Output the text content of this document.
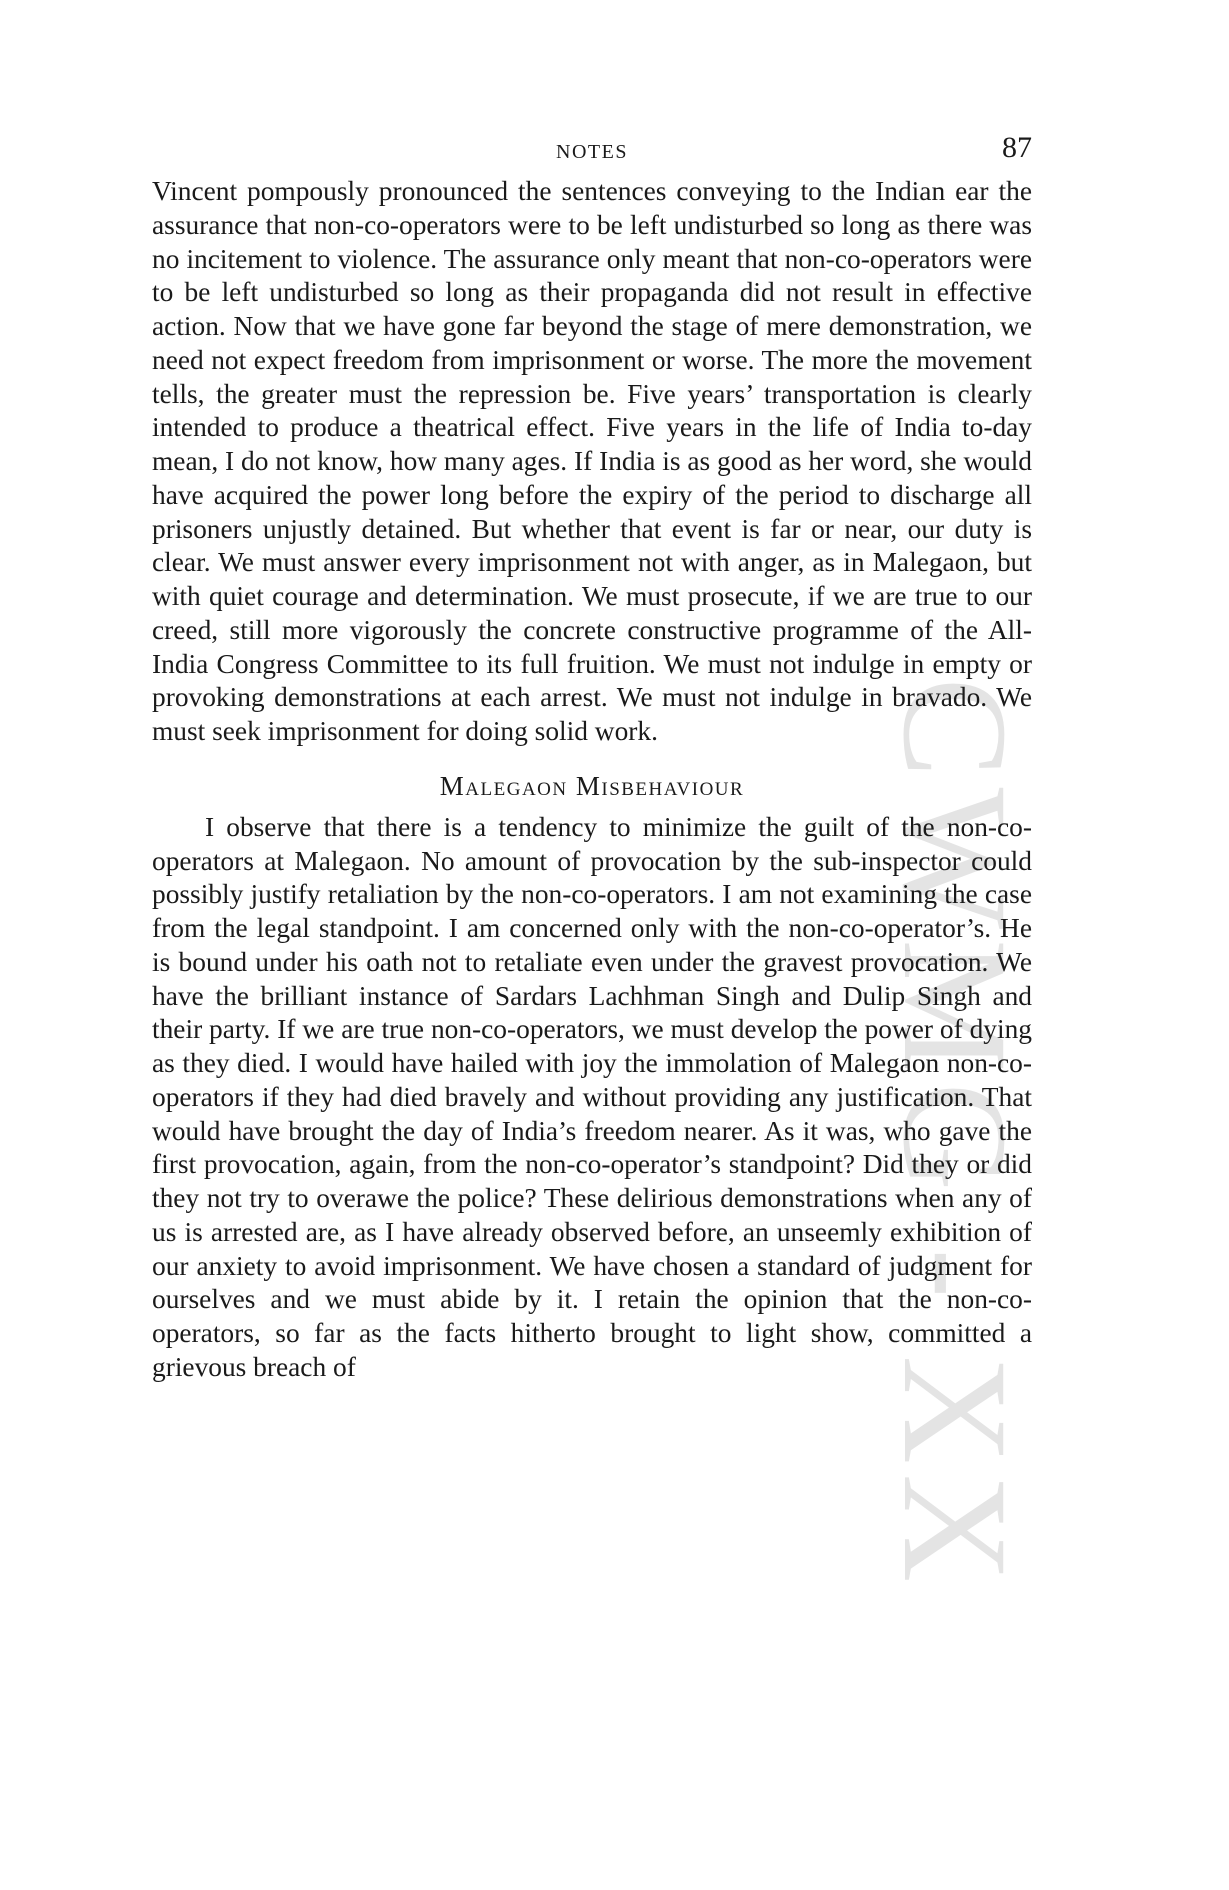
CWMG - XX
NOTES	87

Vincent pompously pronounced the sentences conveying to the Indian ear the assurance that non-co-operators were to be left undisturbed so long as there was no incitement to violence. The assurance only meant that non-co-operators were to be left undisturbed so long as their propaganda did not result in effective action. Now that we have gone far beyond the stage of mere demonstration, we need not expect freedom from imprisonment or worse. The more the movement tells, the greater must the repression be. Five years’ transportation is clearly intended to produce a theatrical effect. Five years in the life of India to-day mean, I do not know, how many ages. If India is as good as her word, she would have acquired the power long before the expiry of the period to discharge all prisoners unjustly detained. But whether that event is far or near, our duty is clear. We must answer every imprisonment not with anger, as in Malegaon, but with quiet courage and determination. We must prosecute, if we are true to our creed, still more vigorously the concrete constructive programme of the All-India Congress Committee to its full fruition. We must not indulge in empty or provoking demonstrations at each arrest. We must not indulge in bravado. We must seek imprisonment for doing solid work.

Malegaon Misbehaviour

I observe that there is a tendency to minimize the guilt of the non-co-operators at Malegaon. No amount of provocation by the sub-inspector could possibly justify retaliation by the non-co-operators. I am not examining the case from the legal standpoint. I am concerned only with the non-co-operator’s. He is bound under his oath not to retaliate even under the gravest provocation. We have the brilliant instance of Sardars Lachhman Singh and Dulip Singh and their party. If we are true non-co-operators, we must develop the power of dying as they died. I would have hailed with joy the immolation of Malegaon non-co-operators if they had died bravely and without providing any justification. That would have brought the day of India’s freedom nearer. As it was, who gave the first provocation, again, from the non-co-operator’s standpoint? Did they or did they not try to overawe the police? These delirious demonstrations when any of us is arrested are, as I have already observed before, an unseemly exhibition of our anxiety to avoid imprisonment. We have chosen a standard of judgment for ourselves and we must abide by it. I retain the opinion that the non-co-operators, so far as the facts hitherto brought to light show, committed a grievous breach of
